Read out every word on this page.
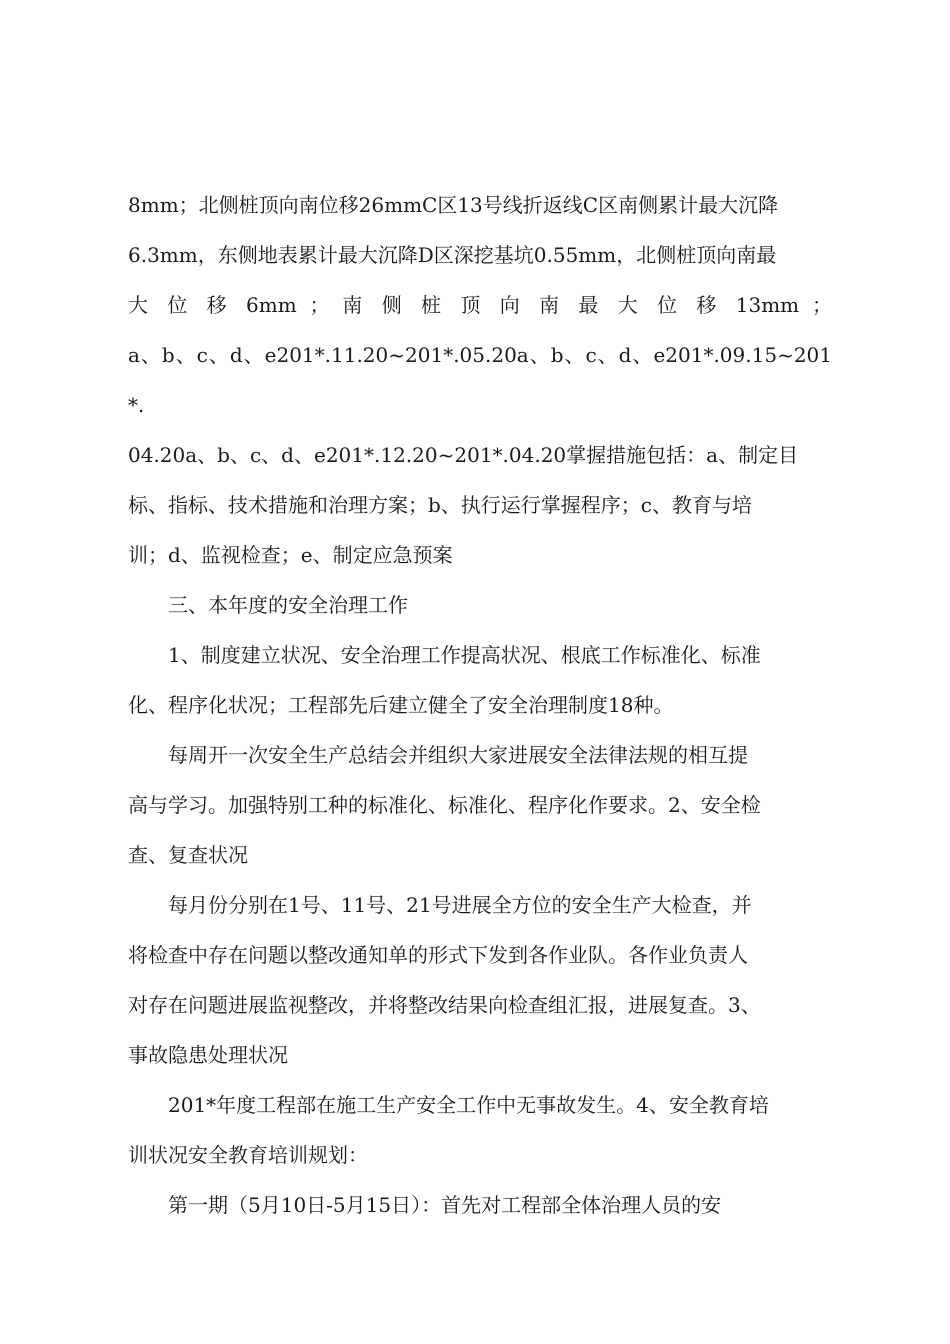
8mm；北侧桩顶向南位移26mmC区13号线折返线C区南侧累计最大沉降
6.3mm，东侧地表累计最大沉降D区深挖基坑0.55mm，北侧桩顶向南最
大 位 移 6mm ； 南 侧 桩 顶 向 南 最 大 位 移 13mm ；
a、b、c、d、e201*.11.20~201*.05.20a、b、c、d、e201*.09.15~201*.
04.20a、b、c、d、e201*.12.20~201*.04.20掌握措施包括：a、制定目
标、指标、技术措施和治理方案；b、执行运行掌握程序；c、教育与培
训；d、监视检查；e、制定应急预案
三、本年度的安全治理工作
1、制度建立状况、安全治理工作提高状况、根底工作标准化、标准
化、程序化状况；工程部先后建立健全了安全治理制度18种。
每周开一次安全生产总结会并组织大家进展安全法律法规的相互提
高与学习。加强特别工种的标准化、标准化、程序化作要求。2、安全检
查、复查状况
每月份分别在1号、11号、21号进展全方位的安全生产大检查，并
将检查中存在问题以整改通知单的形式下发到各作业队。各作业负责人
对存在问题进展监视整改，并将整改结果向检查组汇报，进展复查。3、
事故隐患处理状况
201*年度工程部在施工生产安全工作中无事故发生。4、安全教育培
训状况安全教育培训规划：
第一期（5月10日-5月15日）：首先对工程部全体治理人员的安
